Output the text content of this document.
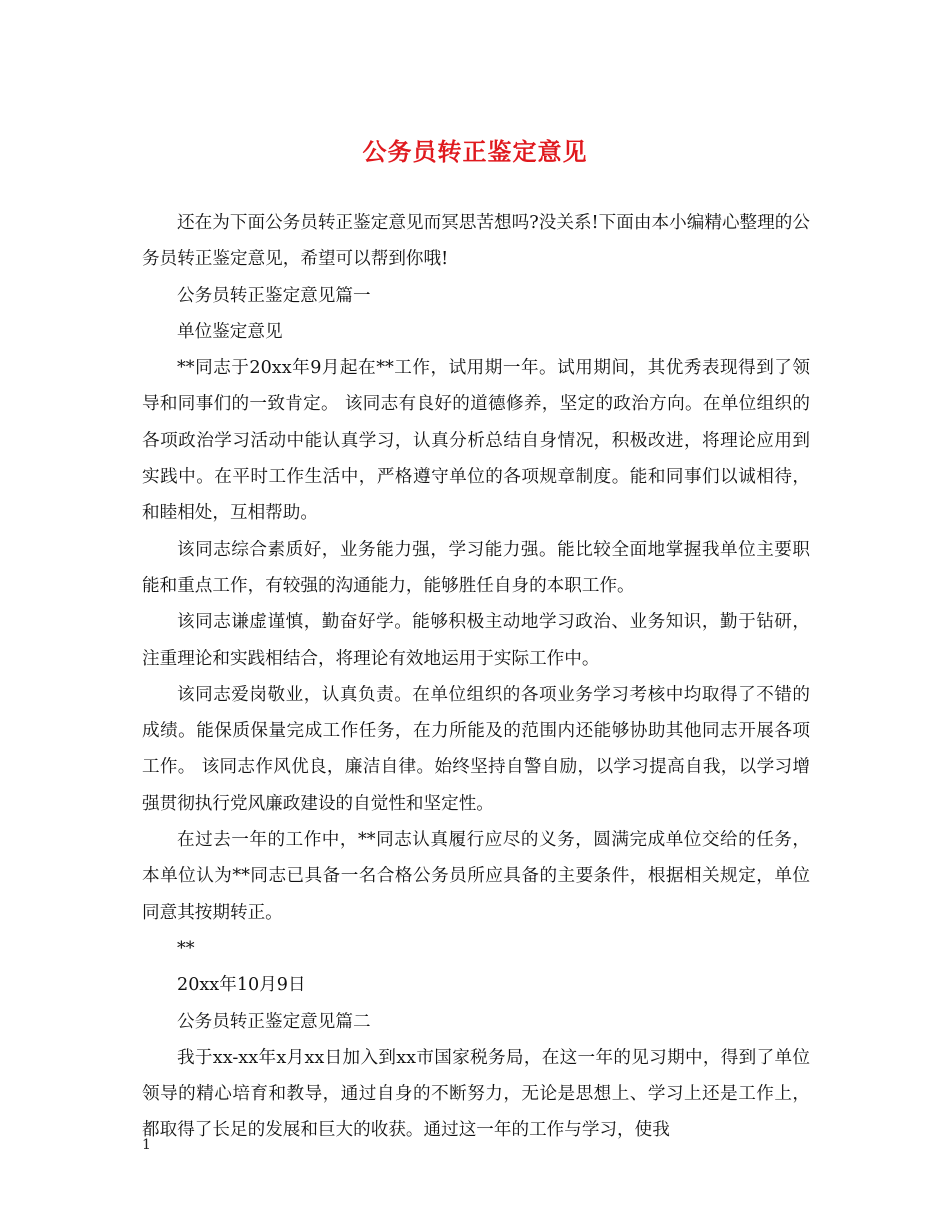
公务员转正鉴定意见

还在为下面公务员转正鉴定意见而冥思苦想吗?没关系!下面由本小编精心整理的公务员转正鉴定意见，希望可以帮到你哦!

公务员转正鉴定意见篇一

单位鉴定意见

**同志于20xx年9月起在**工作，试用期一年。试用期间，其优秀表现得到了领导和同事们的一致肯定。 该同志有良好的道德修养，坚定的政治方向。在单位组织的各项政治学习活动中能认真学习，认真分析总结自身情况，积极改进，将理论应用到实践中。在平时工作生活中，严格遵守单位的各项规章制度。能和同事们以诚相待，和睦相处，互相帮助。

该同志综合素质好，业务能力强，学习能力强。能比较全面地掌握我单位主要职能和重点工作，有较强的沟通能力，能够胜任自身的本职工作。

该同志谦虚谨慎，勤奋好学。能够积极主动地学习政治、业务知识，勤于钻研，注重理论和实践相结合，将理论有效地运用于实际工作中。

该同志爱岗敬业，认真负责。在单位组织的各项业务学习考核中均取得了不错的成绩。能保质保量完成工作任务，在力所能及的范围内还能够协助其他同志开展各项工作。 该同志作风优良，廉洁自律。始终坚持自警自励，以学习提高自我，以学习增强贯彻执行党风廉政建设的自觉性和坚定性。

在过去一年的工作中，**同志认真履行应尽的义务，圆满完成单位交给的任务，本单位认为**同志已具备一名合格公务员所应具备的主要条件，根据相关规定，单位同意其按期转正。

**

20xx年10月9日

公务员转正鉴定意见篇二

我于xx-xx年x月xx日加入到xx市国家税务局，在这一年的见习期中，得到了单位领导的精心培育和教导，通过自身的不断努力，无论是思想上、学习上还是工作上，都取得了长足的发展和巨大的收获。通过这一年的工作与学习，使我

1
